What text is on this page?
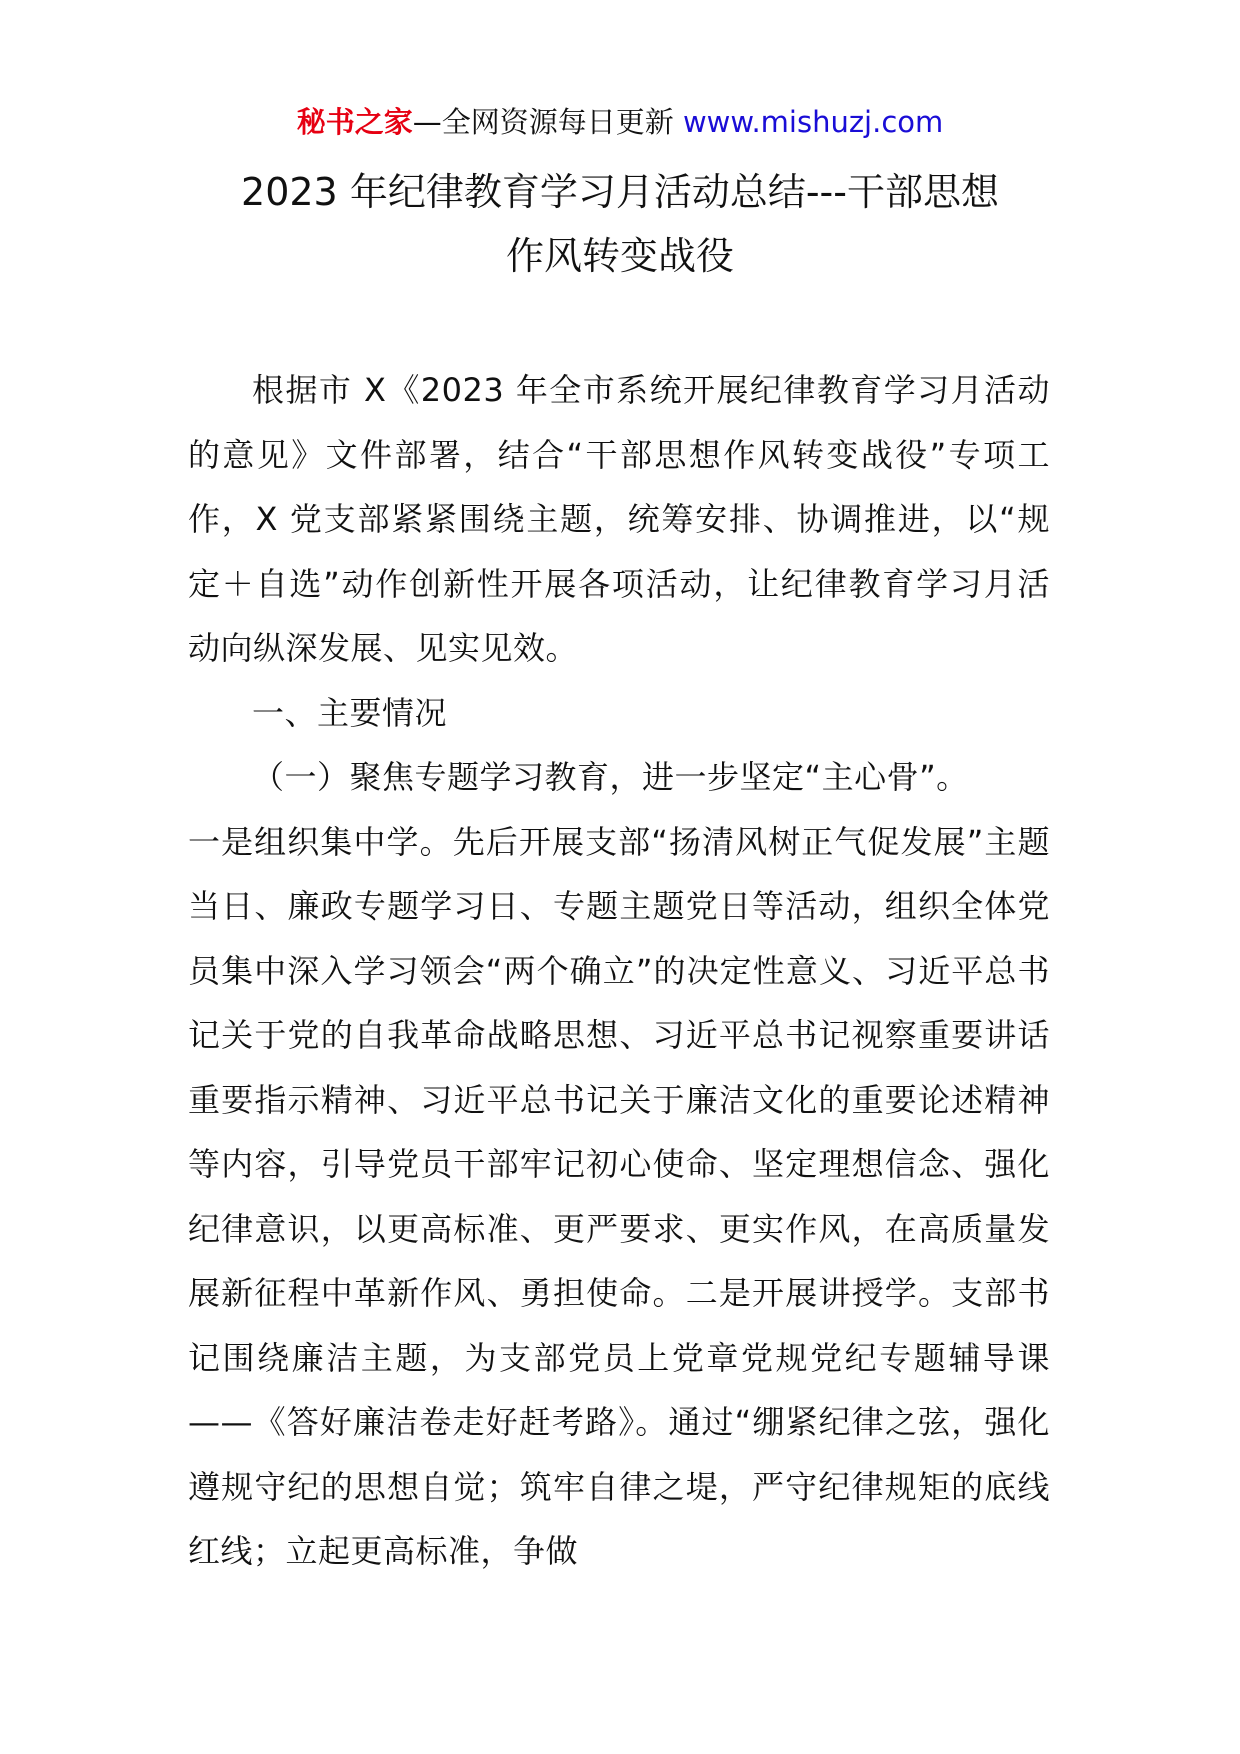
秘书之家—全网资源每日更新 www.mishuzj.com
2023 年纪律教育学习月活动总结---干部思想
作风转变战役

根据市 X《2023 年全市系统开展纪律教育学习月活动的意见》文件部署，结合“干部思想作风转变战役”专项工作，X 党支部紧紧围绕主题，统筹安排、协调推进，以“规定＋自选”动作创新性开展各项活动，让纪律教育学习月活动向纵深发展、见实见效。

一、主要情况

（一）聚焦专题学习教育，进一步坚定“主心骨”。

一是组织集中学。先后开展支部“扬清风树正气促发展”主题当日、廉政专题学习日、专题主题党日等活动，组织全体党员集中深入学习领会“两个确立”的决定性意义、习近平总书记关于党的自我革命战略思想、习近平总书记视察重要讲话重要指示精神、习近平总书记关于廉洁文化的重要论述精神等内容，引导党员干部牢记初心使命、坚定理想信念、强化纪律意识，以更高标准、更严要求、更实作风，在高质量发展新征程中革新作风、勇担使命。二是开展讲授学。支部书记围绕廉洁主题，为支部党员上党章党规党纪专题辅导课——《答好廉洁卷走好赶考路》。通过“绷紧纪律之弦，强化遵规守纪的思想自觉；筑牢自律之堤，严守纪律规矩的底线红线；立起更高标准，争做
